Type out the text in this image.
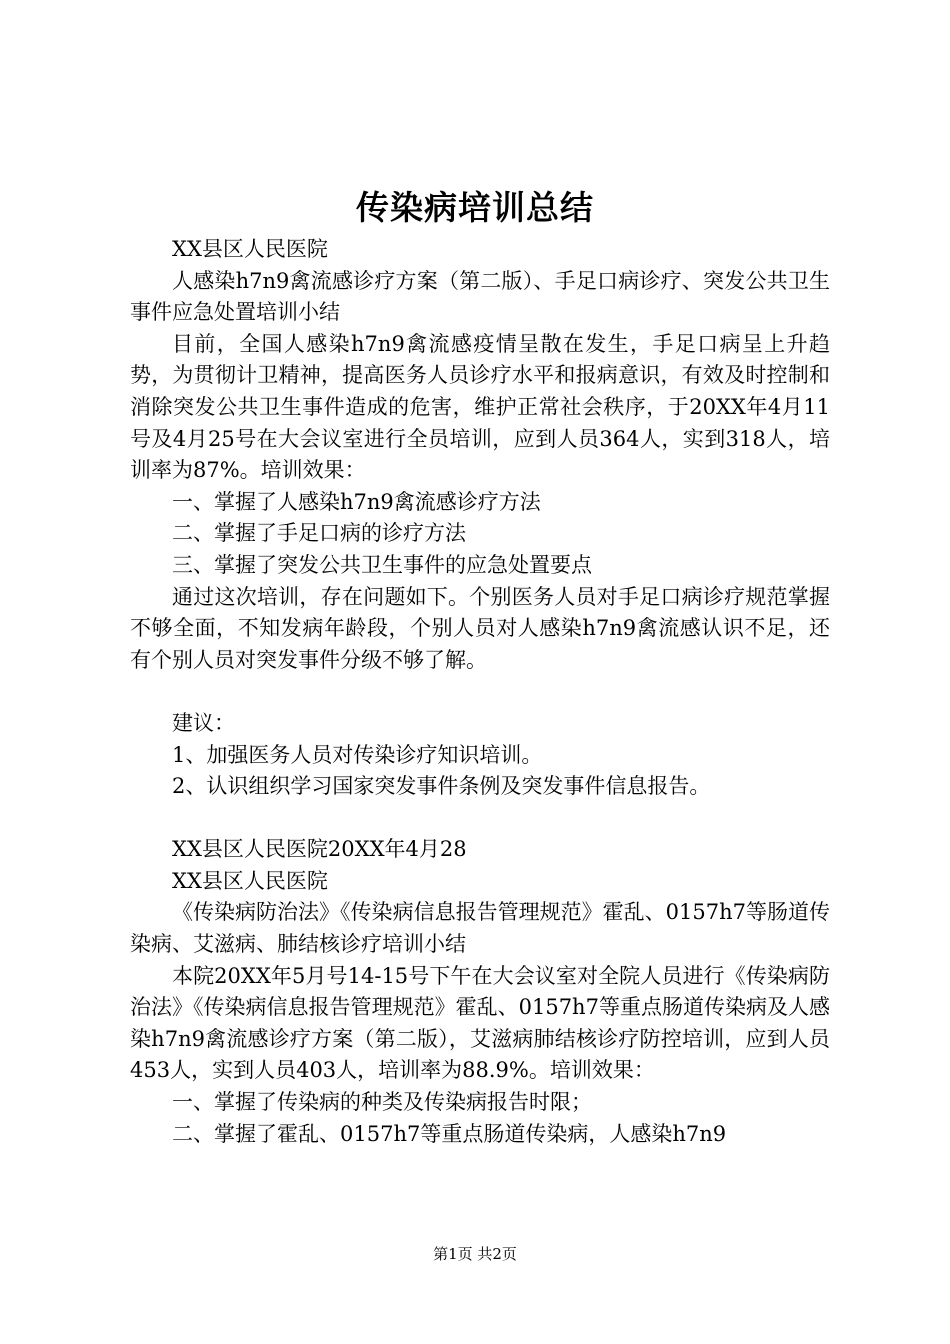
传染病培训总结

XX县区人民医院

人感染h7n9禽流感诊疗方案（第二版）、手足口病诊疗、突发公共卫生事件应急处置培训小结

目前，全国人感染h7n9禽流感疫情呈散在发生，手足口病呈上升趋势，为贯彻计卫精神，提高医务人员诊疗水平和报病意识，有效及时控制和消除突发公共卫生事件造成的危害，维护正常社会秩序，于20XX年4月11号及4月25号在大会议室进行全员培训，应到人员364人，实到318人，培训率为87%。培训效果：

一、掌握了人感染h7n9禽流感诊疗方法

二、掌握了手足口病的诊疗方法

三、掌握了突发公共卫生事件的应急处置要点

通过这次培训，存在问题如下。个别医务人员对手足口病诊疗规范掌握不够全面，不知发病年龄段，个别人员对人感染h7n9禽流感认识不足，还有个别人员对突发事件分级不够了解。

建议：

1、加强医务人员对传染诊疗知识培训。

2、认识组织学习国家突发事件条例及突发事件信息报告。

XX县区人民医院20XX年4月28

XX县区人民医院

《传染病防治法》《传染病信息报告管理规范》霍乱、0157h7等肠道传染病、艾滋病、肺结核诊疗培训小结

本院20XX年5月号14-15号下午在大会议室对全院人员进行《传染病防治法》《传染病信息报告管理规范》霍乱、0157h7等重点肠道传染病及人感染h7n9禽流感诊疗方案（第二版），艾滋病肺结核诊疗防控培训，应到人员453人，实到人员403人，培训率为88.9%。培训效果：

一、掌握了传染病的种类及传染病报告时限；

二、掌握了霍乱、0157h7等重点肠道传染病，人感染h7n9

第1页 共2页
